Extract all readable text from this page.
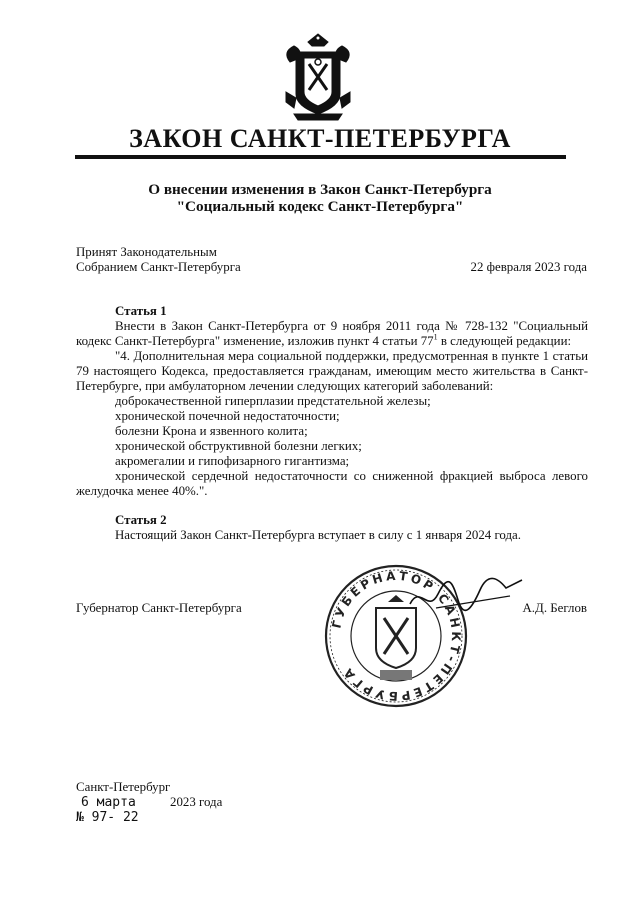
ЗАКОН САНКТ-ПЕТЕРБУРГА
О внесении изменения в Закон Санкт-Петербурга
"Социальный кодекс Санкт-Петербурга"
Принят Законодательным
Собранием Санкт-Петербурга	22 февраля 2023 года
Статья 1

Внести в Закон Санкт-Петербурга от 9 ноября 2011 года № 728-132 "Социальный кодекс Санкт-Петербурга" изменение, изложив пункт 4 статьи $77^1$ в следующей редакции:

"4. Дополнительная мера социальной поддержки, предусмотренная в пункте 1 статьи 79 настоящего Кодекса, предоставляется гражданам, имеющим место жительства в Санкт-Петербурге, при амбулаторном лечении следующих категорий заболеваний:

доброкачественной гиперплазии предстательной железы;
хронической почечной недостаточности;
болезни Крона и язвенного колита;
хронической обструктивной болезни легких;
акромегалии и гипофизарного гигантизма;

хронической сердечной недостаточности со сниженной фракцией выброса левого желудочка менее 40%.".

Статья 2
Настоящий Закон Санкт-Петербурга вступает в силу с 1 января 2024 года.
Губернатор Санкт-Петербурга	А.Д. Беглов
ГУБЕРНАТОР САНКТ-ПЕТЕРБУРГА
Санкт-Петербург
6 марта	2023 года
№ 97- 22
